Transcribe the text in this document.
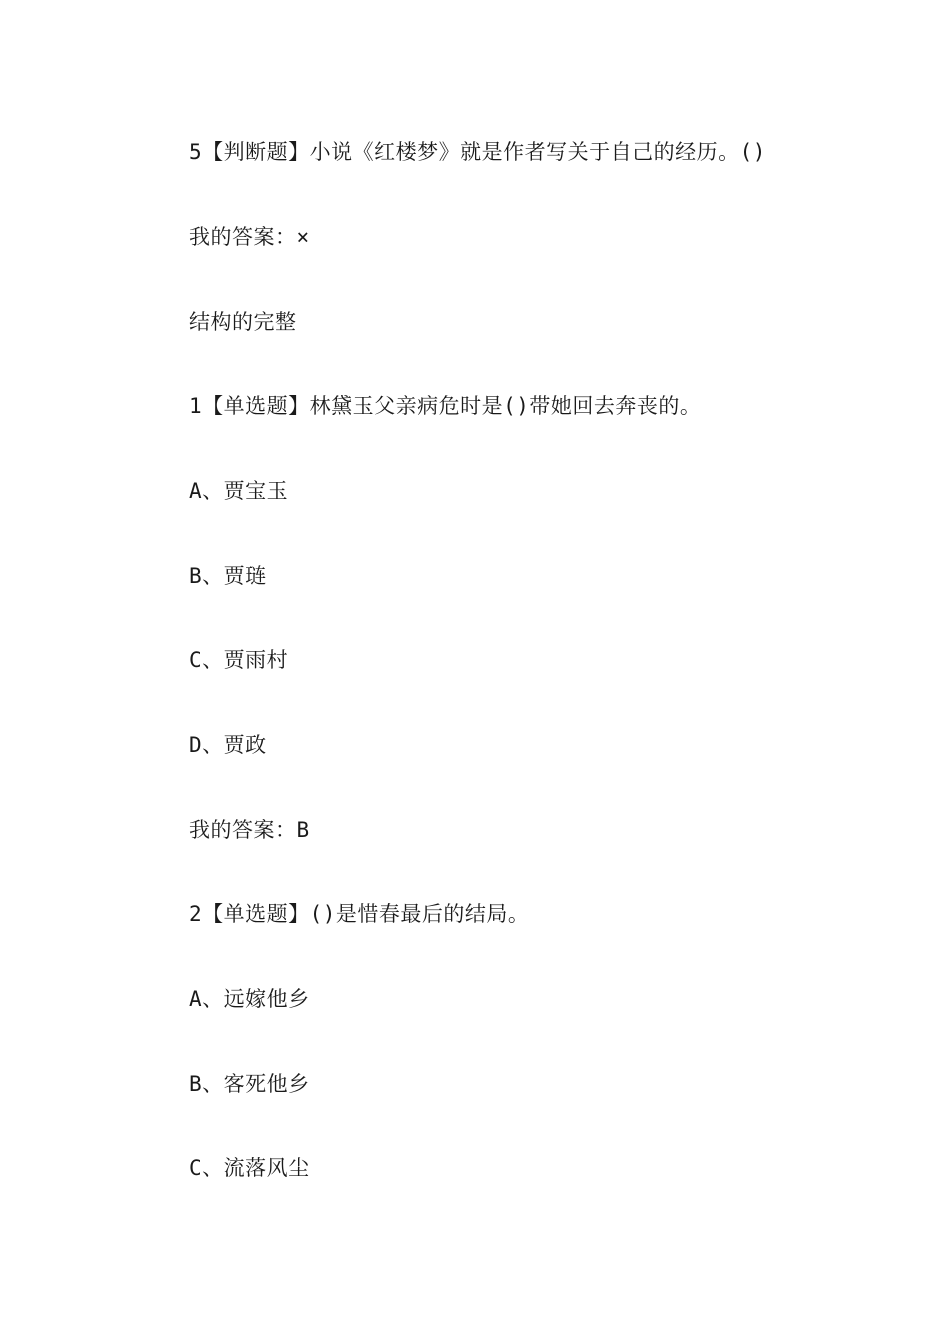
5【判断题】小说《红楼梦》就是作者写关于自己的经历。()
我的答案：×
结构的完整
1【单选题】林黛玉父亲病危时是()带她回去奔丧的。
A、贾宝玉
B、贾琏
C、贾雨村
D、贾政
我的答案：B
2【单选题】()是惜春最后的结局。
A、远嫁他乡
B、客死他乡
C、流落风尘
